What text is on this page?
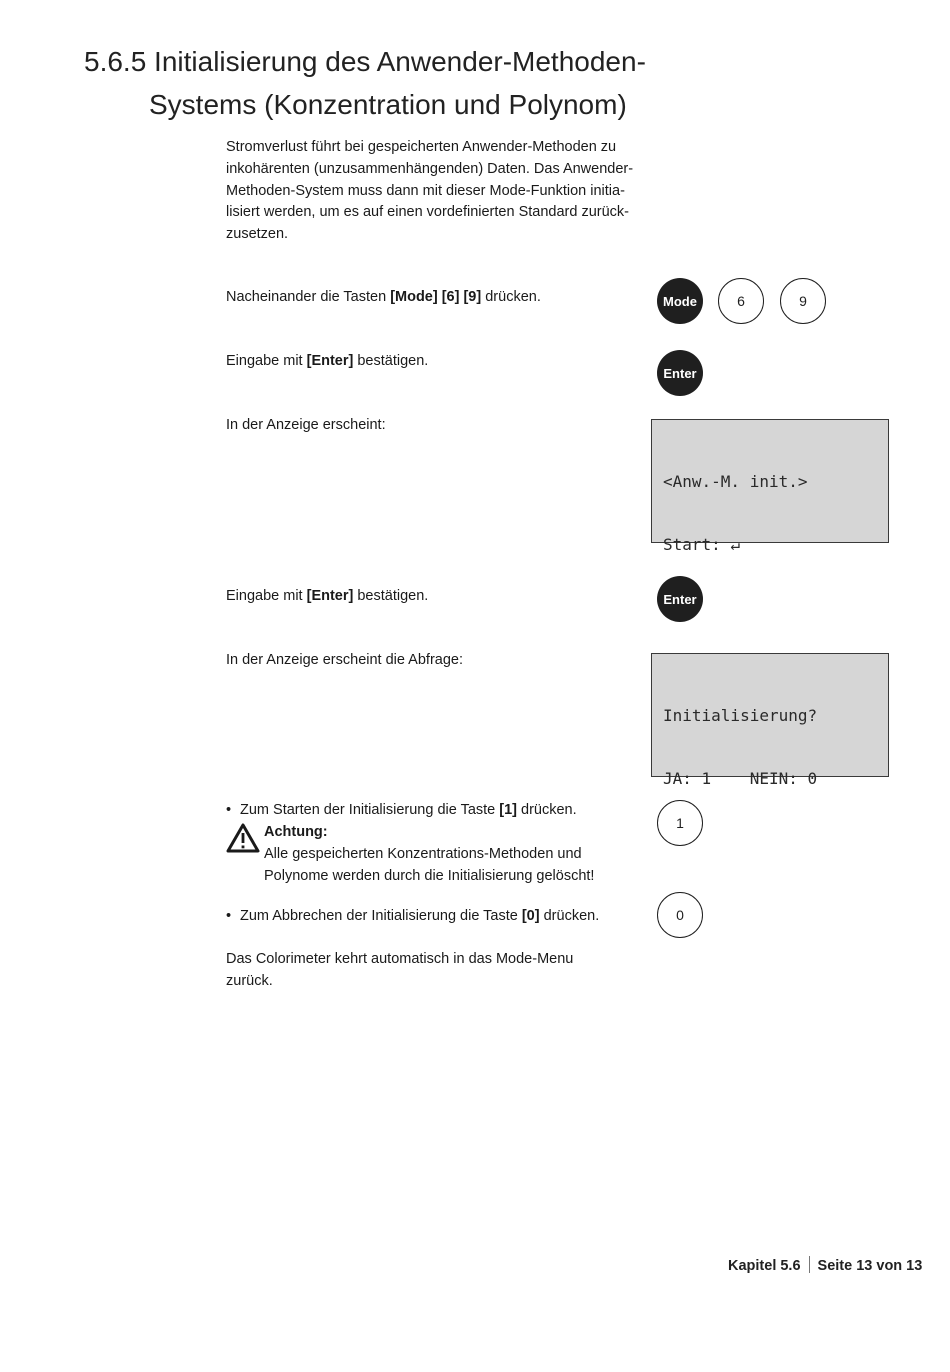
5.6.5 Initialisierung des Anwender-Methoden-
Systems (Konzentration und Polynom)
Stromverlust führt bei gespeicherten Anwender-Methoden zu
inkohärenten (unzusammenhängenden) Daten. Das Anwender-
Methoden-System muss dann mit dieser Mode-Funktion initia-
lisiert werden, um es auf einen vordefinierten Standard zurück-
zusetzen.

Nacheinander die Tasten [Mode] [6] [9] drücken.	Mode	6	9

Eingabe mit [Enter] bestätigen.

Enter

In der Anzeige erscheint:

<Anw.-M. init.>

Start: ↵

Eingabe mit [Enter] bestätigen.	Enter

In der Anzeige erscheint die Abfrage:

Initialisierung?

JA: 1    NEIN: 0

• Zum Starten der Initialisierung die Taste [1] drücken.

1
Achtung:
Alle gespeicherten Konzentrations-Methoden und
Polynome werden durch die Initialisierung gelöscht!

• Zum Abbrechen der Initialisierung die Taste [0] drücken.	0
Das Colorimeter kehrt automatisch in das Mode-Menu
zurück.
Kapitel 5.6 Seite 13 von 13
